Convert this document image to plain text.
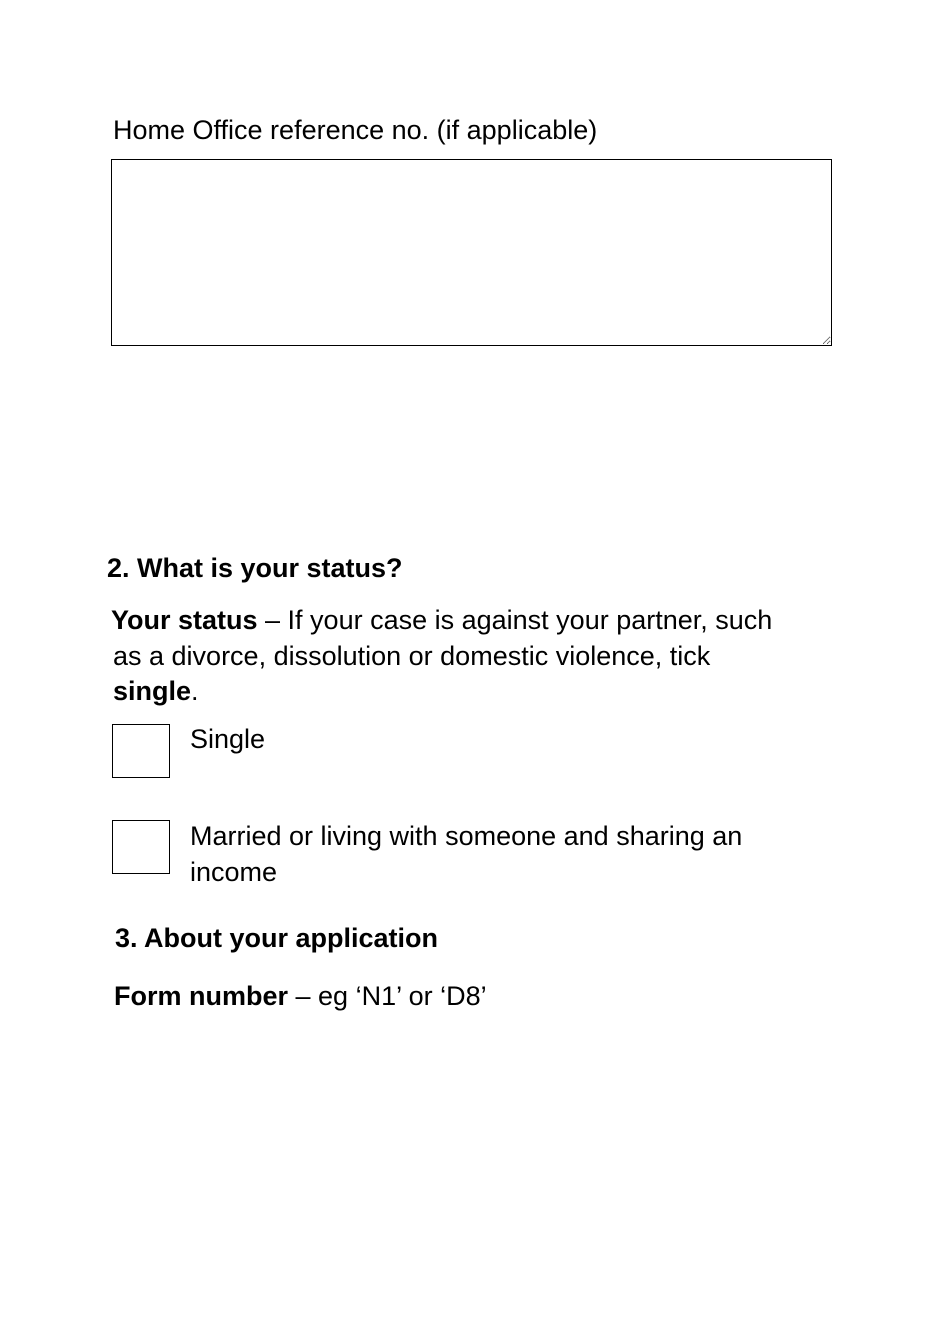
Home Office reference no. (if applicable)
2. What is your status?
Your status – If your case is against your partner, such
as a divorce, dissolution or domestic violence, tick
single.
Single
Married or living with someone and sharing an
income
3. About your application
Form number – eg ‘N1’ or ‘D8’
